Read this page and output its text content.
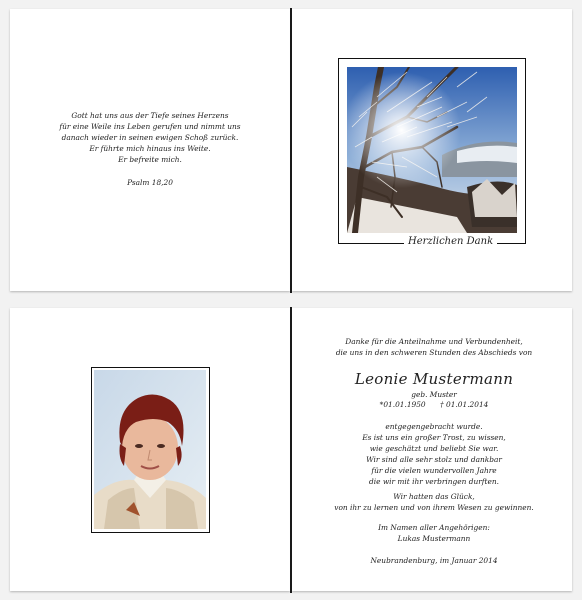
Gott hat uns aus der Tiefe seines Herzens
für eine Weile ins Leben gerufen und nimmt uns
danach wieder in seinen ewigen Schoß zurück.
Er führte mich hinaus ins Weite.
Er befreite mich.
Psalm 18,20
Herzlichen Dank
Danke für die Anteilnahme und Verbundenheit,
die uns in den schweren Stunden des Abschieds von
Leonie Mustermann
geb. Muster
*01.01.1950 † 01.01.2014
entgegengebracht wurde.
Es ist uns ein großer Trost, zu wissen,
wie geschätzt und beliebt Sie war.
Wir sind alle sehr stolz und dankbar
für die vielen wundervollen Jahre
die wir mit ihr verbringen durften.
Wir hatten das Glück,
von ihr zu lernen und von ihrem Wesen zu gewinnen.
Im Namen aller Angehörigen:
Lukas Mustermann
Neubrandenburg, im Januar 2014
